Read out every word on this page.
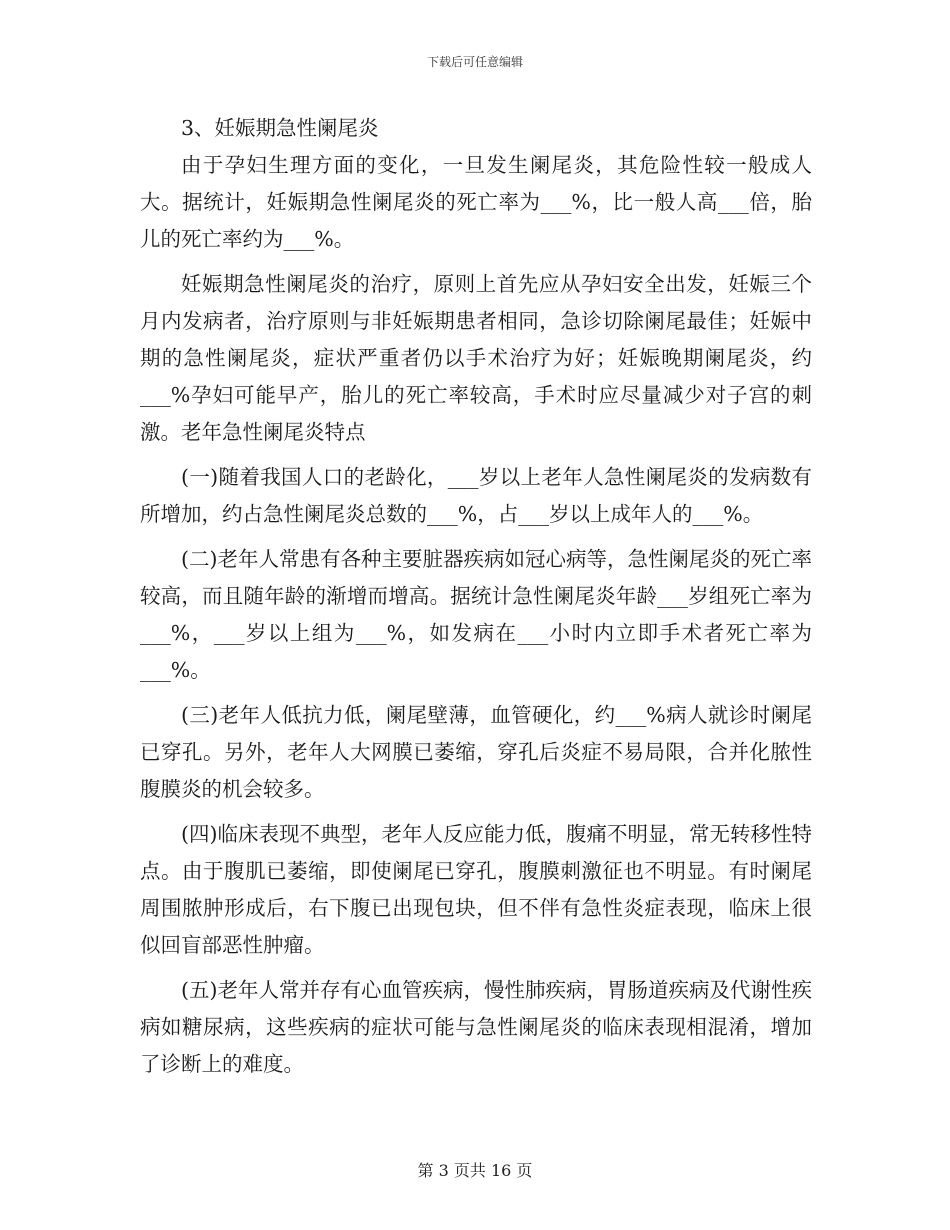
下载后可任意编辑

3、妊娠期急性阑尾炎

由于孕妇生理方面的变化，一旦发生阑尾炎，其危险性较一般成人大。据统计，妊娠期急性阑尾炎的死亡率为___%，比一般人高___倍，胎儿的死亡率约为___%。

妊娠期急性阑尾炎的治疗，原则上首先应从孕妇安全出发，妊娠三个月内发病者，治疗原则与非妊娠期患者相同，急诊切除阑尾最佳；妊娠中期的急性阑尾炎，症状严重者仍以手术治疗为好；妊娠晚期阑尾炎，约___%孕妇可能早产，胎儿的死亡率较高，手术时应尽量减少对子宫的刺激。老年急性阑尾炎特点

(一)随着我国人口的老龄化，___岁以上老年人急性阑尾炎的发病数有所增加，约占急性阑尾炎总数的___%，占___岁以上成年人的___%。

(二)老年人常患有各种主要脏器疾病如冠心病等，急性阑尾炎的死亡率较高，而且随年龄的渐增而增高。据统计急性阑尾炎年龄___岁组死亡率为___%，___岁以上组为___%，如发病在___小时内立即手术者死亡率为___%。

(三)老年人低抗力低，阑尾壁薄，血管硬化，约___%病人就诊时阑尾已穿孔。另外，老年人大网膜已萎缩，穿孔后炎症不易局限，合并化脓性腹膜炎的机会较多。

(四)临床表现不典型，老年人反应能力低，腹痛不明显，常无转移性特点。由于腹肌已萎缩，即使阑尾已穿孔，腹膜刺激征也不明显。有时阑尾周围脓肿形成后，右下腹已出现包块，但不伴有急性炎症表现，临床上很似回盲部恶性肿瘤。

(五)老年人常并存有心血管疾病，慢性肺疾病，胃肠道疾病及代谢性疾病如糖尿病，这些疾病的症状可能与急性阑尾炎的临床表现相混淆，增加了诊断上的难度。

第 3 页共 16 页
